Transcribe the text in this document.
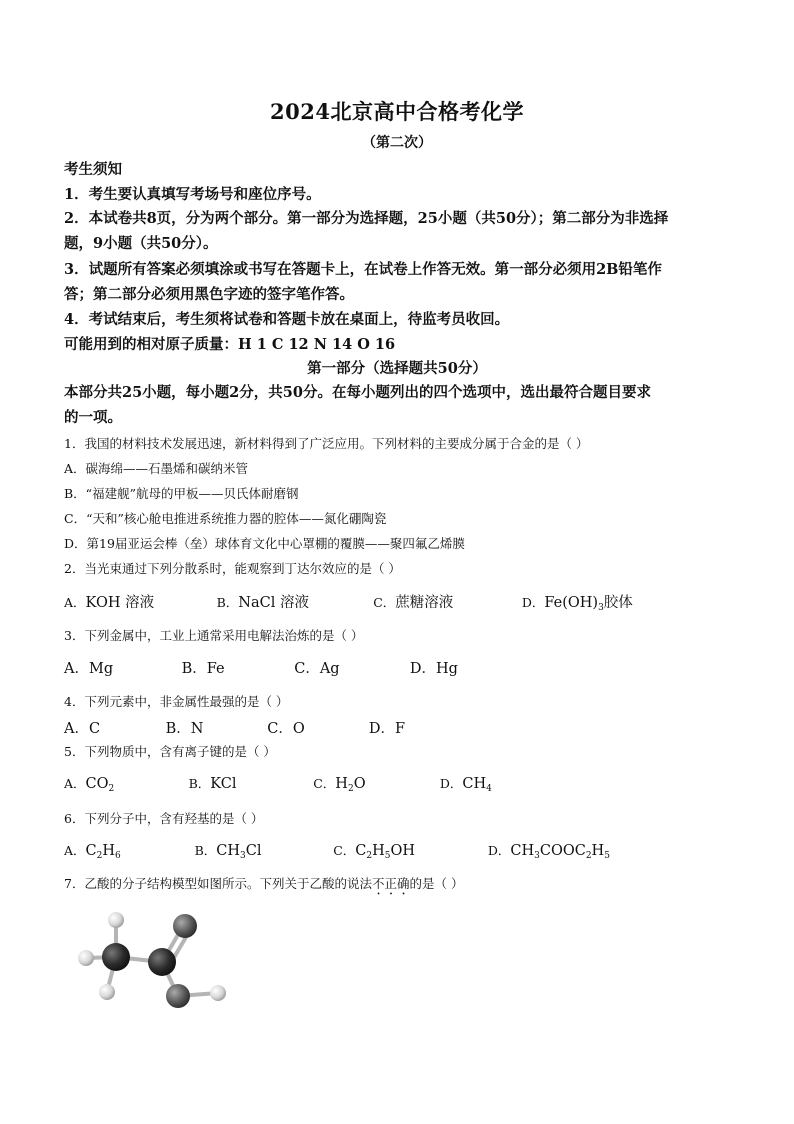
2024北京高中合格考化学
（第二次）
考生须知
1．考生要认真填写考场号和座位序号。
2．本试卷共8页，分为两个部分。第一部分为选择题，25小题（共50分）；第二部分为非选择
题，9小题（共50分）。
3．试题所有答案必须填涂或书写在答题卡上，在试卷上作答无效。第一部分必须用2B铅笔作
答；第二部分必须用黑色字迹的签字笔作答。
4．考试结束后，考生须将试卷和答题卡放在桌面上，待监考员收回。
可能用到的相对原子质量：H 1 C 12 N 14 O 16
第一部分（选择题共50分）
本部分共25小题，每小题2分，共50分。在每小题列出的四个选项中，选出最符合题目要求
的一项。
1．我国的材料技术发展迅速，新材料得到了广泛应用。下列材料的主要成分属于合金的是（ ）
A．碳海绵——石墨烯和碳纳米管
B．“福建舰”航母的甲板——贝氏体耐磨钢
C．“天和”核心舱电推进系统推力器的腔体——氮化硼陶瓷
D．第19届亚运会棒（垒）球体育文化中心罩棚的覆膜——聚四氟乙烯膜
2．当光束通过下列分散系时，能观察到丁达尔效应的是（ ）
A．KOH 溶液	B．NaCl 溶液	C．蔗糖溶液	D．$Fe(OH)_3$胶体
3．下列金属中，工业上通常采用电解法治炼的是（ ）
A．Mg	B．Fe	C．Ag	D．Hg
4．下列元素中，非金属性最强的是（ ）
A．C	B．N	C．O	D．F
5．下列物质中，含有离子键的是（ ）
A．$CO_2$	B．KCl	C．$H_2O$	D．$CH_4$
6．下列分子中，含有羟基的是（ ）
A．$C_2H_6$	B．$CH_3Cl$	C．$C_2H_5OH$	D．$CH_3COOC_2H_5$
7．乙酸的分子结构模型如图所示。下列关于乙酸的说法不正确的是（ ）
